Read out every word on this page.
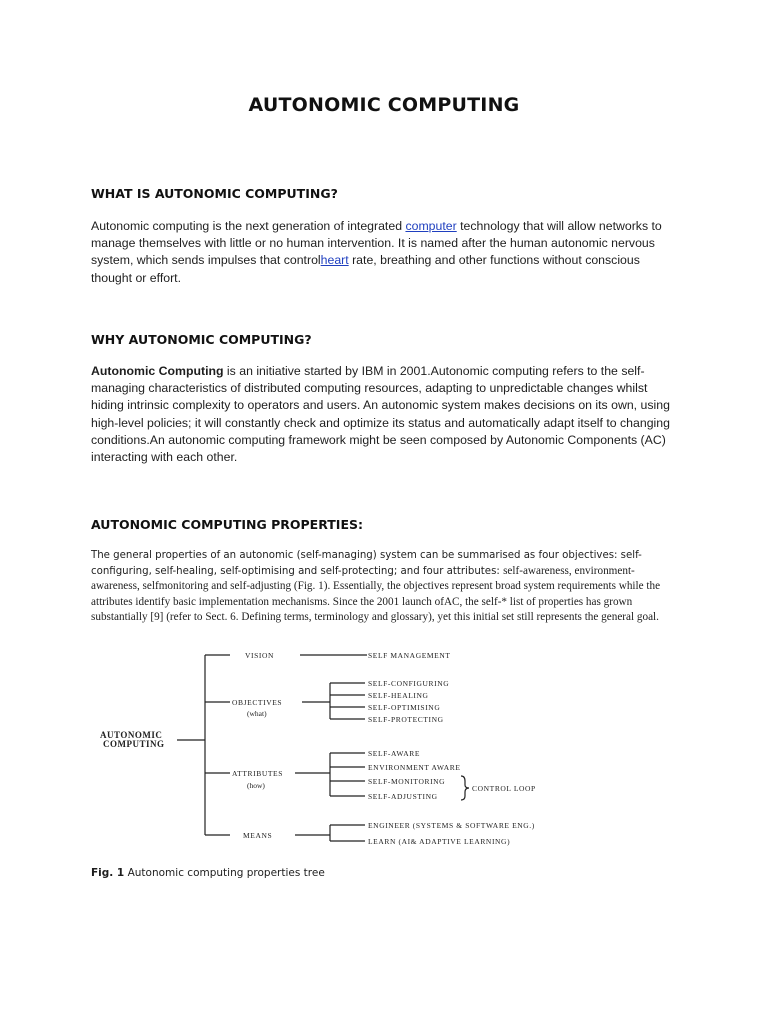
AUTONOMIC COMPUTING
WHAT IS AUTONOMIC COMPUTING?

Autonomic computing is the next generation of integrated computer technology that will allow networks to manage themselves with little or no human intervention. It is named after the human autonomic nervous system, which sends impulses that controlheart rate, breathing and other functions without conscious thought or effort.

WHY AUTONOMIC COMPUTING?

Autonomic Computing is an initiative started by IBM in 2001.Autonomic computing refers to the self-managing characteristics of distributed computing resources, adapting to unpredictable changes whilst hiding intrinsic complexity to operators and users. An autonomic system makes decisions on its own, using high-level policies; it will constantly check and optimize its status and automatically adapt itself to changing conditions.An autonomic computing framework might be seen composed by Autonomic Components (AC) interacting with each other.

AUTONOMIC COMPUTING PROPERTIES:

The general properties of an autonomic (self-managing) system can be summarised as four objectives: self-configuring, self-healing, self-optimising and self-protecting; and four attributes: self-awareness, environment-awareness, selfmonitoring and self-adjusting (Fig. 1). Essentially, the objectives represent broad system requirements while the attributes identify basic implementation mechanisms. Since the 2001 launch ofAC, the self-* list of properties has grown substantially [9] (refer to Sect. 6. Defining terms, terminology and glossary), yet this initial set still represents the general goal.

AUTONOMIC
COMPUTING
VISION	SELF MANAGEMENT
OBJECTIVES
(what)
SELF-CONFIGURING
SELF-HEALING
SELF-OPTIMISING
SELF-PROTECTING
ATTRIBUTES
(how)
SELF-AWARE
ENVIRONMENT AWARE
SELF-MONITORING
SELF-ADJUSTING
CONTROL LOOP
MEANS
ENGINEER (SYSTEMS & SOFTWARE ENG.)
LEARN (AI& ADAPTIVE LEARNING)

Fig. 1 Autonomic computing properties tree
